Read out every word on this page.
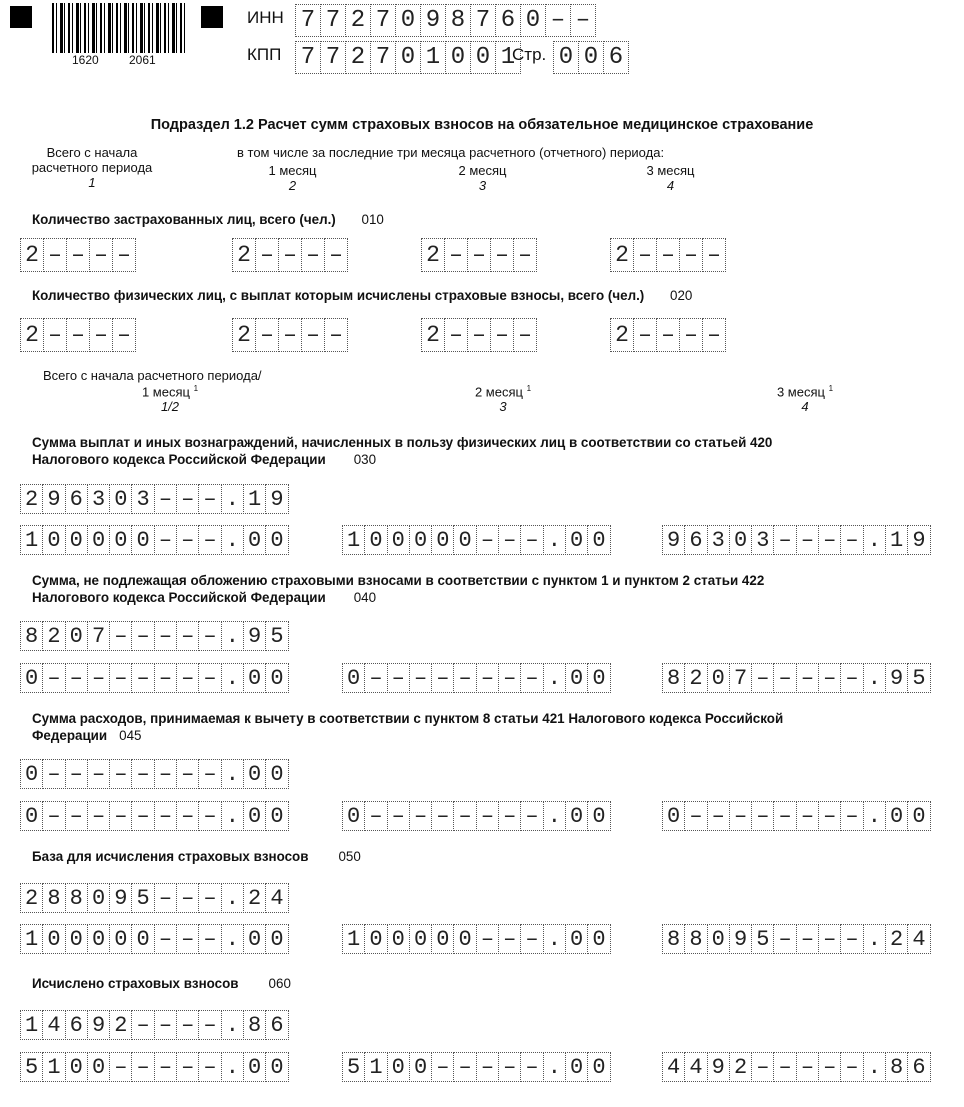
1620	2061
ИНН 7 7 2 7 0 9 8 7 6 0 – –
КПП 7 7 2 7 0 1 0 0 1
Стр. 0 0 6
Подраздел 1.2 Расчет сумм страховых взносов на обязательное медицинское страхование
Всего с начала
расчетного периода
1
в том числе за последние три месяца расчетного (отчетного) периода:
1 месяц
2
2 месяц
3
3 месяц
4
Количество застрахованных лиц, всего (чел.) 010
2 – – – –	2 – – – –	2 – – – –	2 – – – –
Количество физических лиц, с выплат которым исчислены страховые взносы, всего (чел.) 020
2 – – – –	2 – – – –	2 – – – –	2 – – – –
Всего с начала расчетного периода/
1 месяц $^1$
1/2
2 месяц $^1$
3
3 месяц $^1$
4
Сумма выплат и иных вознаграждений, начисленных в пользу физических лиц в соответствии со статьей 420
Налогового кодекса Российской Федерации 030
2 9 6 3 0 3 – – – . 1 9
1 0 0 0 0 0 – – – . 0 0	1 0 0 0 0 0 – – – . 0 0	9 6 3 0 3 – – – – . 1 9
Сумма, не подлежащая обложению страховыми взносами в соответствии с пунктом 1 и пунктом 2 статьи 422
Налогового кодекса Российской Федерации 040
8 2 0 7 – – – – – . 9 5
0 – – – – – – – – . 0 0	0 – – – – – – – – . 0 0	8 2 0 7 – – – – – . 9 5
Сумма расходов, принимаемая к вычету в соответствии с пунктом 8 статьи 421 Налогового кодекса Российской
Федерации 045
0 – – – – – – – – . 0 0
0 – – – – – – – – . 0 0	0 – – – – – – – – . 0 0	0 – – – – – – – – . 0 0
База для исчисления страховых взносов 050
2 8 8 0 9 5 – – – . 2 4
1 0 0 0 0 0 – – – . 0 0	1 0 0 0 0 0 – – – . 0 0	8 8 0 9 5 – – – – . 2 4
Исчислено страховых взносов 060
1 4 6 9 2 – – – – . 8 6
5 1 0 0 – – – – – . 0 0	5 1 0 0 – – – – – . 0 0	4 4 9 2 – – – – – . 8 6
